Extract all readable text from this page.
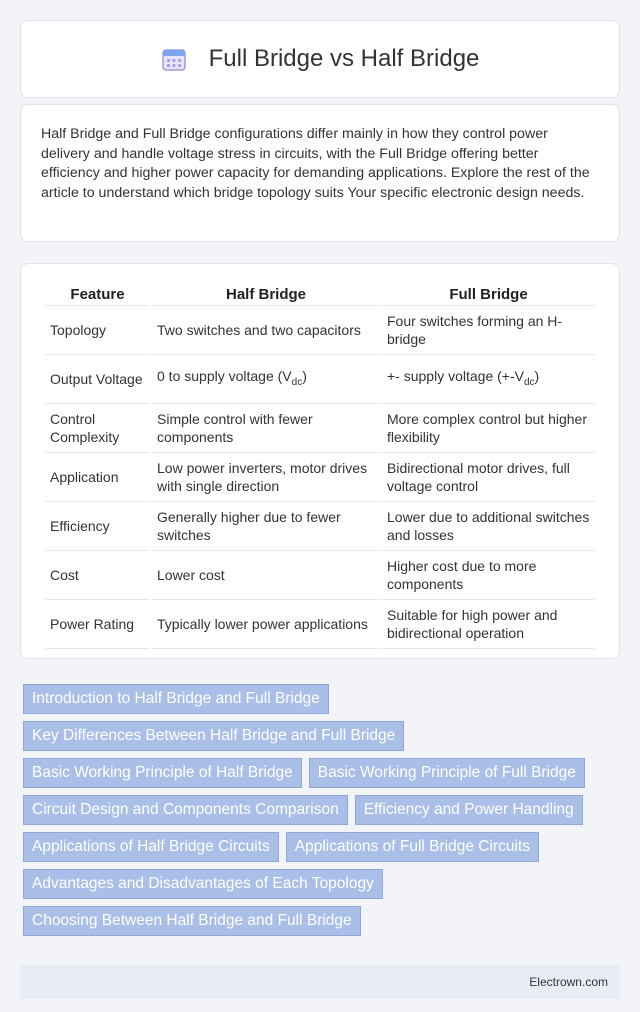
Full Bridge vs Half Bridge

Half Bridge and Full Bridge configurations differ mainly in how they control power delivery and handle voltage stress in circuits, with the Full Bridge offering better efficiency and higher power capacity for demanding applications. Explore the rest of the article to understand which bridge topology suits Your specific electronic design needs.

Feature	Half Bridge	Full Bridge
Topology	Two switches and two capacitors	Four switches forming an H-bridge
Output Voltage	0 to supply voltage $(V_{dc})$	+- supply voltage $(+-V_{dc})$
Control Complexity	Simple control with fewer components	More complex control but higher flexibility
Application	Low power inverters, motor drives with single direction	Bidirectional motor drives, full voltage control
Efficiency	Generally higher due to fewer switches	Lower due to additional switches and losses
Cost	Lower cost	Higher cost due to more components
Power Rating	Typically lower power applications	Suitable for high power and bidirectional operation
Introduction to Half Bridge and Full Bridge
Key Differences Between Half Bridge and Full Bridge
Basic Working Principle of Half Bridge	Basic Working Principle of Full Bridge
Circuit Design and Components Comparison	Efficiency and Power Handling
Applications of Half Bridge Circuits	Applications of Full Bridge Circuits
Advantages and Disadvantages of Each Topology
Choosing Between Half Bridge and Full Bridge
Electrown.com
